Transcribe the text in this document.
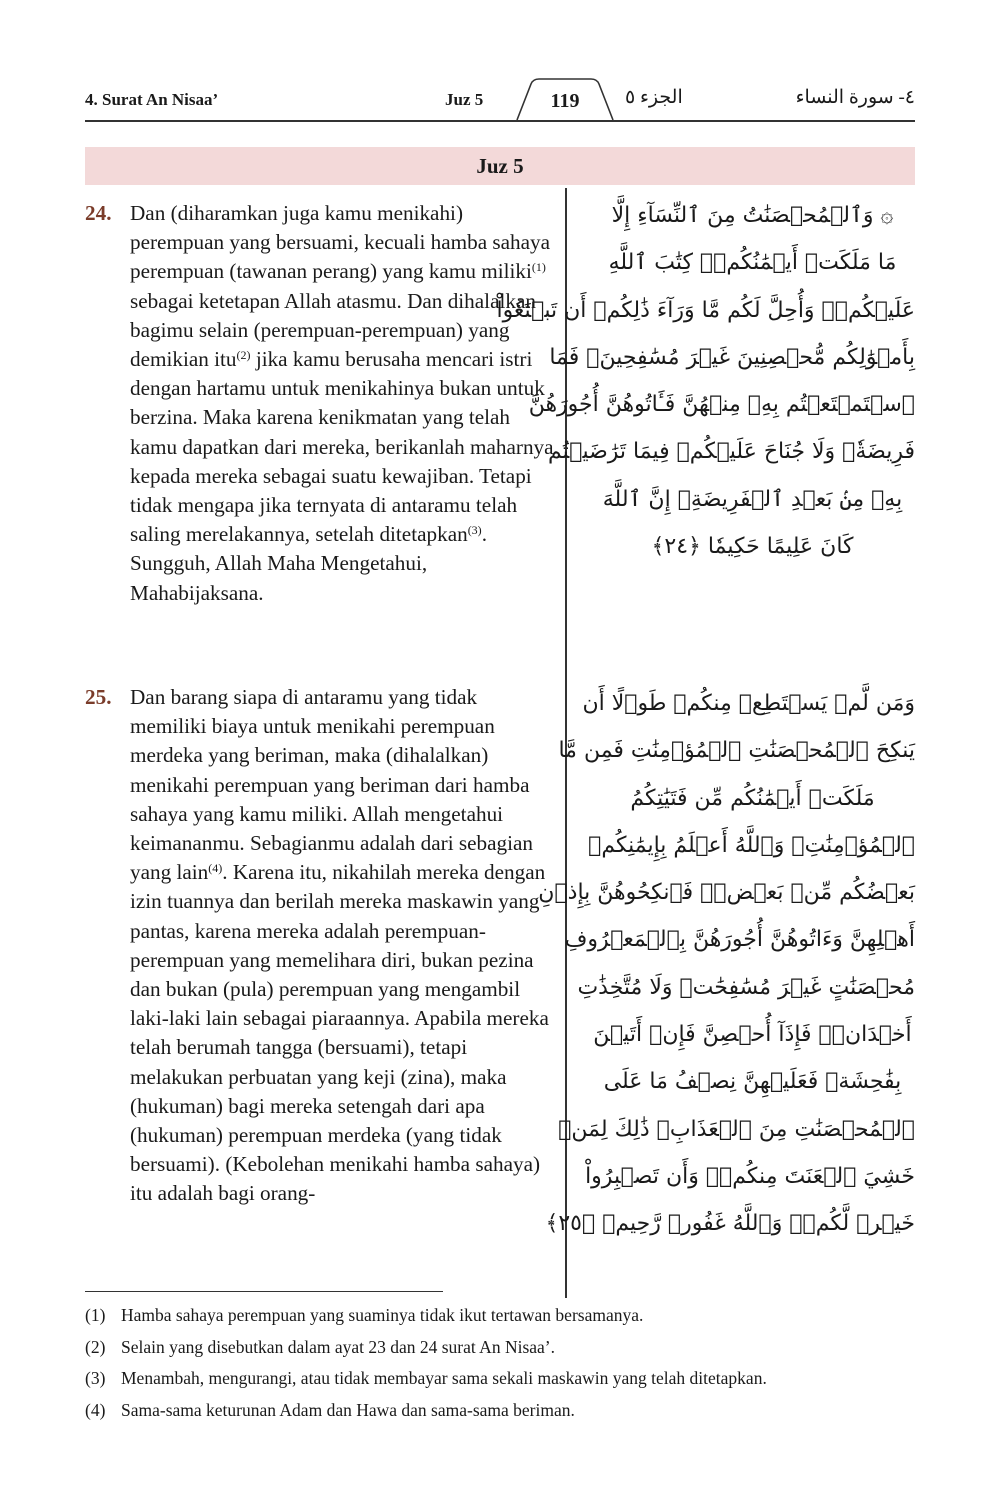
4. Surat An Nisaa’	Juz 5	119	الجزء ٥	٤- سورة النساء
Juz 5
24. Dan (diharamkan juga kamu menikahi) perempuan yang bersuami, kecuali hamba sahaya perempuan (tawanan perang) yang kamu miliki$^{(1)}$ sebagai ketetapan Allah atasmu. Dan dihalalkan bagimu selain (perempuan-perempuan) yang demikian itu$^{(2)}$ jika kamu berusaha mencari istri dengan hartamu untuk menikahinya bukan untuk berzina. Maka karena kenikmatan yang telah kamu dapatkan dari mereka, berikanlah maharnya kepada mereka sebagai suatu kewajiban. Tetapi tidak mengapa jika ternyata di antaramu telah saling merelakannya, setelah ditetapkan$^{(3)}$. Sungguh, Allah Maha Mengetahui, Mahabijaksana.
25. Dan barang siapa di antaramu yang tidak memiliki biaya untuk menikahi perempuan merdeka yang beriman, maka (dihalalkan) menikahi perempuan yang beriman dari hamba sahaya yang kamu miliki. Allah mengetahui keimananmu. Sebagianmu adalah dari sebagian yang lain$^{(4)}$. Karena itu, nikahilah mereka dengan izin tuannya dan berilah mereka maskawin yang pantas, karena mereka adalah perempuan-perempuan yang memelihara diri, bukan pezina dan bukan (pula) perempuan yang mengambil laki-laki lain sebagai piaraannya. Apabila mereka telah berumah tangga (bersuami), tetapi melakukan perbuatan yang keji (zina), maka (hukuman) bagi mereka setengah dari apa (hukuman) perempuan merdeka (yang tidak bersuami). (Kebolehan menikahi hamba sahaya) itu adalah bagi orang-
۞ وَٱلۡمُحۡصَنَٰتُ مِنَ ٱلنِّسَآءِ إِلَّا
مَا مَلَكَتۡ أَيۡمَٰنُكُمۡۖ كِتَٰبَ ٱللَّهِ
عَلَيۡكُمۡۚ وَأُحِلَّ لَكُم مَّا وَرَآءَ ذَٰلِكُمۡ أَن تَبۡتَغُواْ
بِأَمۡوَٰلِكُم مُّحۡصِنِينَ غَيۡرَ مُسَٰفِحِينَۚ فَمَا
ٱسۡتَمۡتَعۡتُم بِهِۦ مِنۡهُنَّ فَـَٔاتُوهُنَّ أُجُورَهُنَّ
فَرِيضَةٗۚ وَلَا جُنَاحَ عَلَيۡكُمۡ فِيمَا تَرَٰضَيۡتُم
بِهِۦ مِنۢ بَعۡدِ ٱلۡفَرِيضَةِۚ إِنَّ ٱللَّهَ
كَانَ عَلِيمًا حَكِيمٗا ﴿٢٤﴾
وَمَن لَّمۡ يَسۡتَطِعۡ مِنكُمۡ طَوۡلًا أَن
يَنكِحَ ٱلۡمُحۡصَنَٰتِ ٱلۡمُؤۡمِنَٰتِ فَمِن مَّا
مَلَكَتۡ أَيۡمَٰنُكُم مِّن فَتَيَٰتِكُمُ
ٱلۡمُؤۡمِنَٰتِۚ وَٱللَّهُ أَعۡلَمُ بِإِيمَٰنِكُمۚ
بَعۡضُكُم مِّنۢ بَعۡضٖۚ فَٱنكِحُوهُنَّ بِإِذۡنِ
أَهۡلِهِنَّ وَءَاتُوهُنَّ أُجُورَهُنَّ بِٱلۡمَعۡرُوفِ
مُحۡصَنَٰتٍ غَيۡرَ مُسَٰفِحَٰتٖ وَلَا مُتَّخِذَٰتِ
أَخۡدَانٖۚ فَإِذَآ أُحۡصِنَّ فَإِنۡ أَتَيۡنَ
بِفَٰحِشَةٖ فَعَلَيۡهِنَّ نِصۡفُ مَا عَلَى
ٱلۡمُحۡصَنَٰتِ مِنَ ٱلۡعَذَابِۚ ذَٰلِكَ لِمَنۡ
خَشِيَ ٱلۡعَنَتَ مِنكُمۡۚ وَأَن تَصۡبِرُواْ
خَيۡرٞ لَّكُمۡۗ وَٱللَّهُ غَفُورٞ رَّحِيمٞ ﴿٢٥﴾
(1) Hamba sahaya perempuan yang suaminya tidak ikut tertawan bersamanya.
(2) Selain yang disebutkan dalam ayat 23 dan 24 surat An Nisaa’.
(3) Menambah, mengurangi, atau tidak membayar sama sekali maskawin yang telah ditetapkan.
(4) Sama-sama keturunan Adam dan Hawa dan sama-sama beriman.
